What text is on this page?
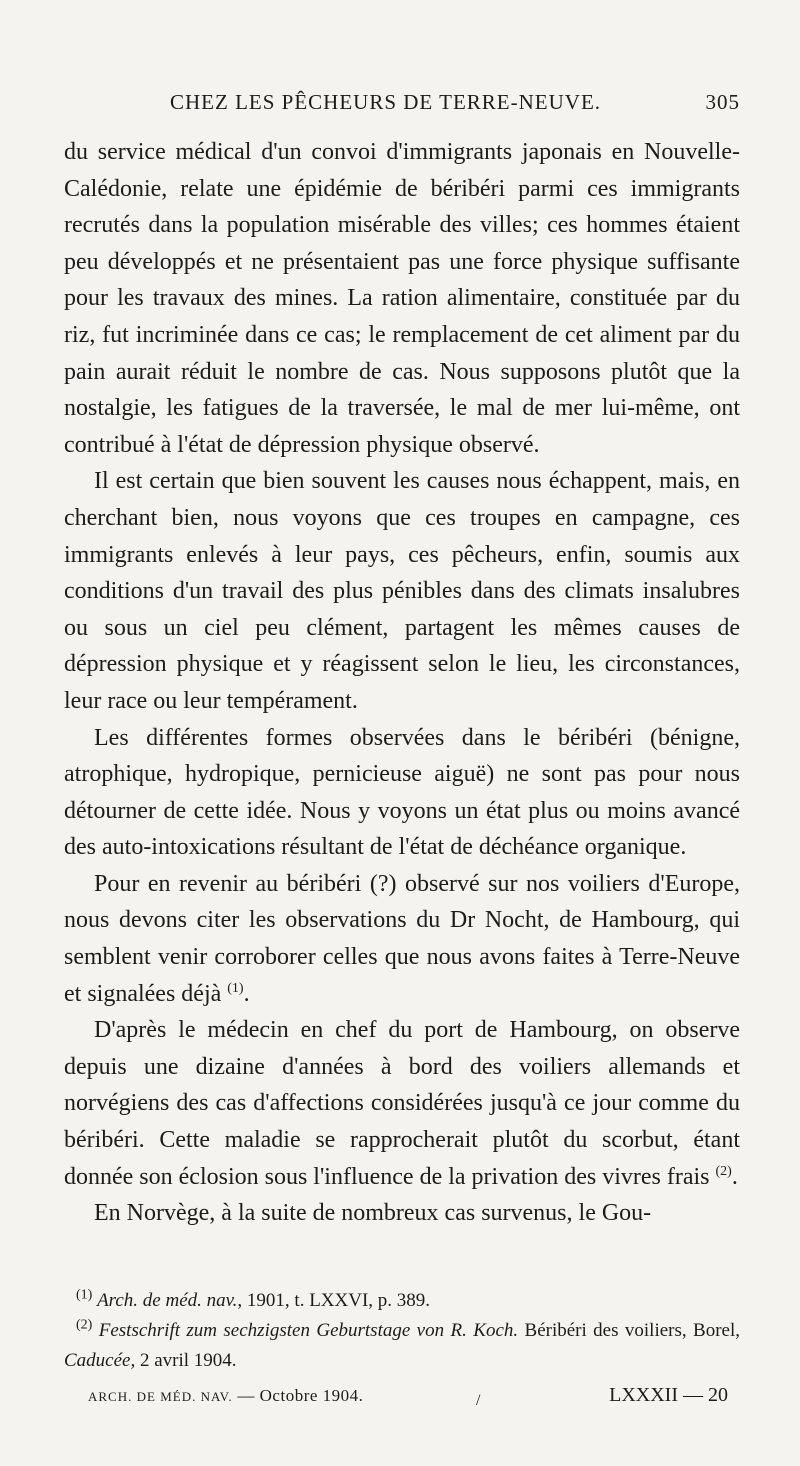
CHEZ LES PÊCHEURS DE TERRE-NEUVE.	305

du service médical d'un convoi d'immigrants japonais en Nouvelle-Calédonie, relate une épidémie de béribéri parmi ces immigrants recrutés dans la population misérable des villes; ces hommes étaient peu développés et ne présentaient pas une force physique suffisante pour les travaux des mines. La ration alimentaire, constituée par du riz, fut incriminée dans ce cas; le remplacement de cet aliment par du pain aurait réduit le nombre de cas. Nous supposons plutôt que la nostalgie, les fatigues de la traversée, le mal de mer lui-même, ont contribué à l'état de dépression physique observé.

Il est certain que bien souvent les causes nous échappent, mais, en cherchant bien, nous voyons que ces troupes en campagne, ces immigrants enlevés à leur pays, ces pêcheurs, enfin, soumis aux conditions d'un travail des plus pénibles dans des climats insalubres ou sous un ciel peu clément, partagent les mêmes causes de dépression physique et y réagissent selon le lieu, les circonstances, leur race ou leur tempérament.

Les différentes formes observées dans le béribéri (bénigne, atrophique, hydropique, pernicieuse aiguë) ne sont pas pour nous détourner de cette idée. Nous y voyons un état plus ou moins avancé des auto-intoxications résultant de l'état de déchéance organique.

Pour en revenir au béribéri (?) observé sur nos voiliers d'Europe, nous devons citer les observations du Dr Nocht, de Hambourg, qui semblent venir corroborer celles que nous avons faites à Terre-Neuve et signalées déjà $^{(1)}$.

D'après le médecin en chef du port de Hambourg, on observe depuis une dizaine d'années à bord des voiliers allemands et norvégiens des cas d'affections considérées jusqu'à ce jour comme du béribéri. Cette maladie se rapprocherait plutôt du scorbut, étant donnée son éclosion sous l'influence de la privation des vivres frais $^{(2)}$.

En Norvège, à la suite de nombreux cas survenus, le Gou-

$^{(1)}$ Arch. de méd. nav., 1901, t. LXXVI, p. 389.

$^{(2)}$ Festschrift zum sechzigsten Geburtstage von R. Koch. Béribéri des voiliers, Borel, Caducée, 2 avril 1904.

ARCH. DE MÉD. NAV. — Octobre 1904.	/	LXXXII — 20
